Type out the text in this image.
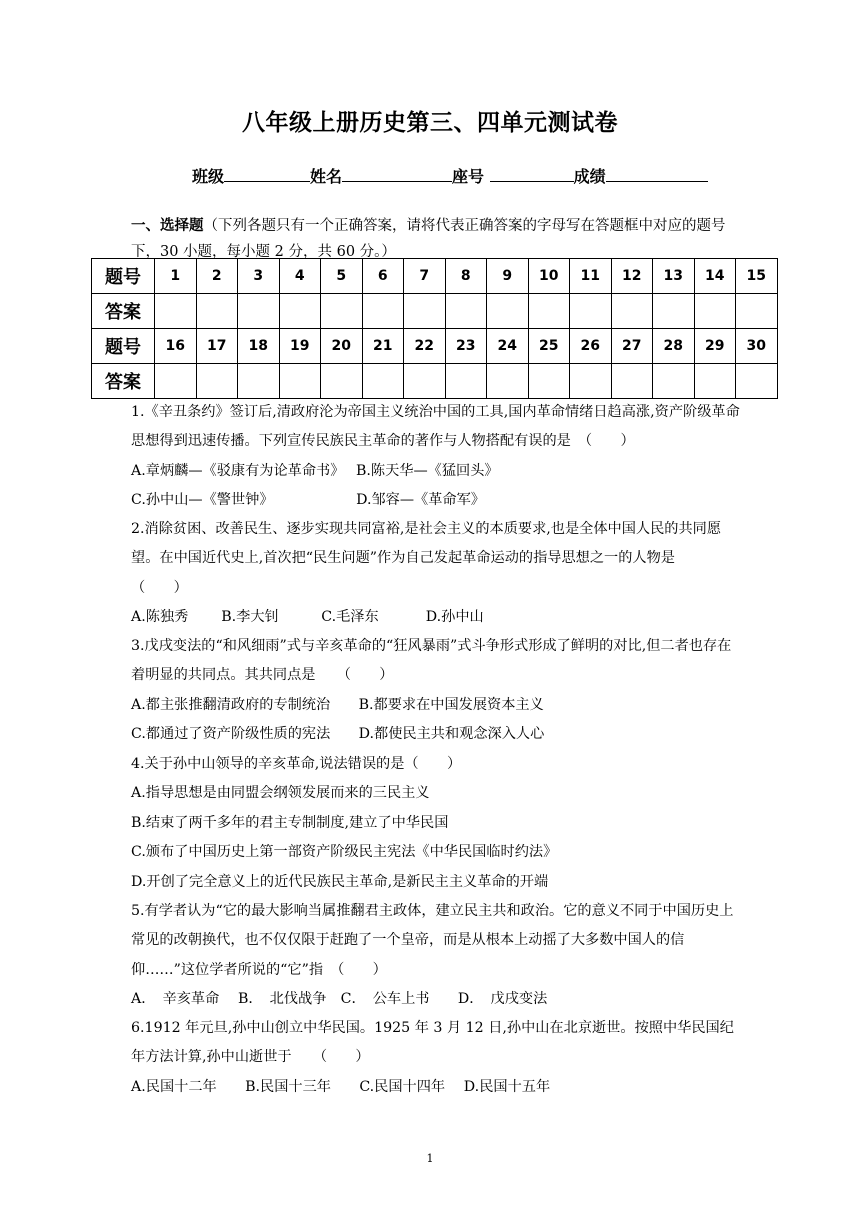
八年级上册历史第三、四单元测试卷
班级	姓名	座号	成绩
一、选择题（下列各题只有一个正确答案，请将代表正确答案的字母写在答题框中对应的题号下，30 小题，每小题 2 分，共 60 分。）
题号	1	2	3	4	5	6	7	8	9	10	11	12	13	14	15
答案															
题号	16	17	18	19	20	21	22	23	24	25	26	27	28	29	30
答案															
1.《辛丑条约》签订后,清政府沦为帝国主义统治中国的工具,国内革命情绪日趋高涨,资产阶级革命思想得到迅速传播。下列宣传民族民主革命的著作与人物搭配有误的是　（　　）
A.章炳麟—《驳康有为论革命书》　 B.陈天华—《猛回头》
C.孙中山—《警世钟》　　　　　　 D.邹容—《革命军》
2.消除贫困、改善民生、逐步实现共同富裕,是社会主义的本质要求,也是全体中国人民的共同愿望。在中国近代史上,首次把“民生问题”作为自己发起革命运动的指导思想之一的人物是　　（　　）
A.陈独秀　　 B.李大钊　　　C.毛泽东　　　 D.孙中山
3.戊戌变法的“和风细雨”式与辛亥革命的“狂风暴雨”式斗争形式形成了鲜明的对比,但二者也存在着明显的共同点。其共同点是　　（　　）
A.都主张推翻清政府的专制统治　　B.都要求在中国发展资本主义
C.都通过了资产阶级性质的宪法　　D.都使民主共和观念深入人心
4.关于孙中山领导的辛亥革命,说法错误的是（　　）
A.指导思想是由同盟会纲领发展而来的三民主义
B.结束了两千多年的君主专制制度,建立了中华民国
C.颁布了中国历史上第一部资产阶级民主宪法《中华民国临时约法》
D.开创了完全意义上的近代民族民主革命,是新民主主义革命的开端
5.有学者认为“它的最大影响当属推翻君主政体，建立民主共和政治。它的意义不同于中国历史上常见的改朝换代，也不仅仅限于赶跑了一个皇帝，而是从根本上动摇了大多数中国人的信仰……”这位学者所说的“它”指　（　　）
A．　辛亥革命　 B．　北伐战争　C．　公车上书　　D．　戊戌变法
6.1912 年元旦,孙中山创立中华民国。1925 年 3 月 12 日,孙中山在北京逝世。按照中华民国纪年方法计算,孙中山逝世于　　（　　）
A.民国十二年　　B.民国十三年　　C.民国十四年　 D.民国十五年
1
